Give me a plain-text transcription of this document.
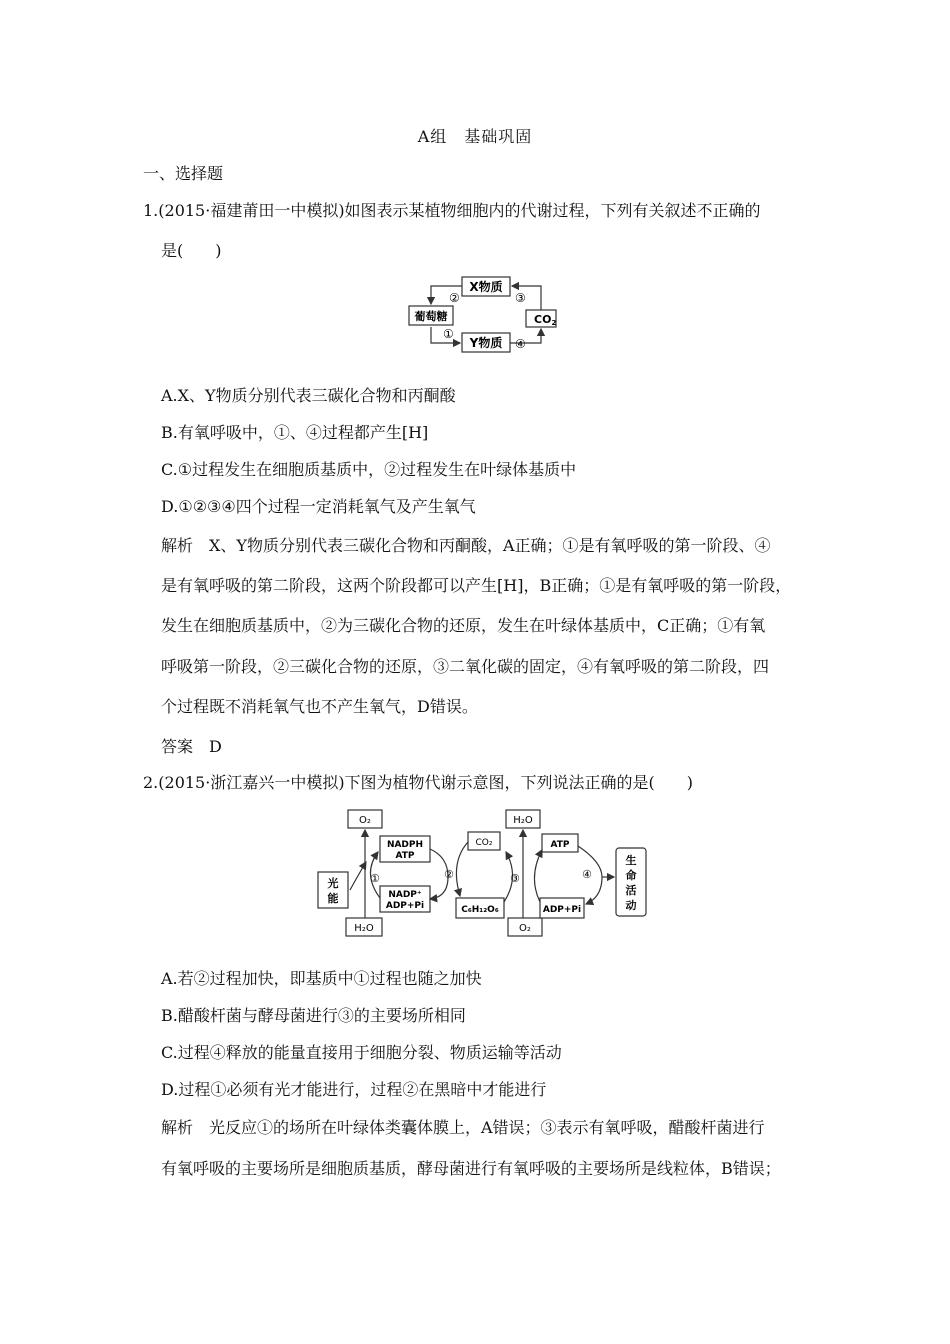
A组　基础巩固
一、选择题
1.(2015·福建莆田一中模拟)如图表示某植物细胞内的代谢过程，下列有关叙述不正确的
是(　　)
X物质
葡萄糖	CO2
Y物质
②
①
③
④
A.X、Y物质分别代表三碳化合物和丙酮酸
B.有氧呼吸中，①、④过程都产生[H]
C.①过程发生在细胞质基质中，②过程发生在叶绿体基质中
D.①②③④四个过程一定消耗氧气及产生氧气
解析　X、Y物质分别代表三碳化合物和丙酮酸，A正确；①是有氧呼吸的第一阶段、④
是有氧呼吸的第二阶段，这两个阶段都可以产生[H]，B正确；①是有氧呼吸的第一阶段，
发生在细胞质基质中，②为三碳化合物的还原，发生在叶绿体基质中，C正确；①有氧
呼吸第一阶段，②三碳化合物的还原，③二氧化碳的固定，④有氧呼吸的第二阶段，四
个过程既不消耗氧气也不产生氧气，D错误。
答案　D
2.(2015·浙江嘉兴一中模拟)下图为植物代谢示意图，下列说法正确的是(　　)
O₂
NADPH
ATP
光
能	NADP⁺
ADP+Pi
H₂O
①
CO₂
C₆H₁₂O₆
②
H₂O
O₂
③
ATP
ADP+Pi
④
生
命
活
动
A.若②过程加快，即基质中①过程也随之加快
B.醋酸杆菌与酵母菌进行③的主要场所相同
C.过程④释放的能量直接用于细胞分裂、物质运输等活动
D.过程①必须有光才能进行，过程②在黑暗中才能进行
解析　光反应①的场所在叶绿体类囊体膜上，A错误；③表示有氧呼吸，醋酸杆菌进行
有氧呼吸的主要场所是细胞质基质，酵母菌进行有氧呼吸的主要场所是线粒体，B错误；
